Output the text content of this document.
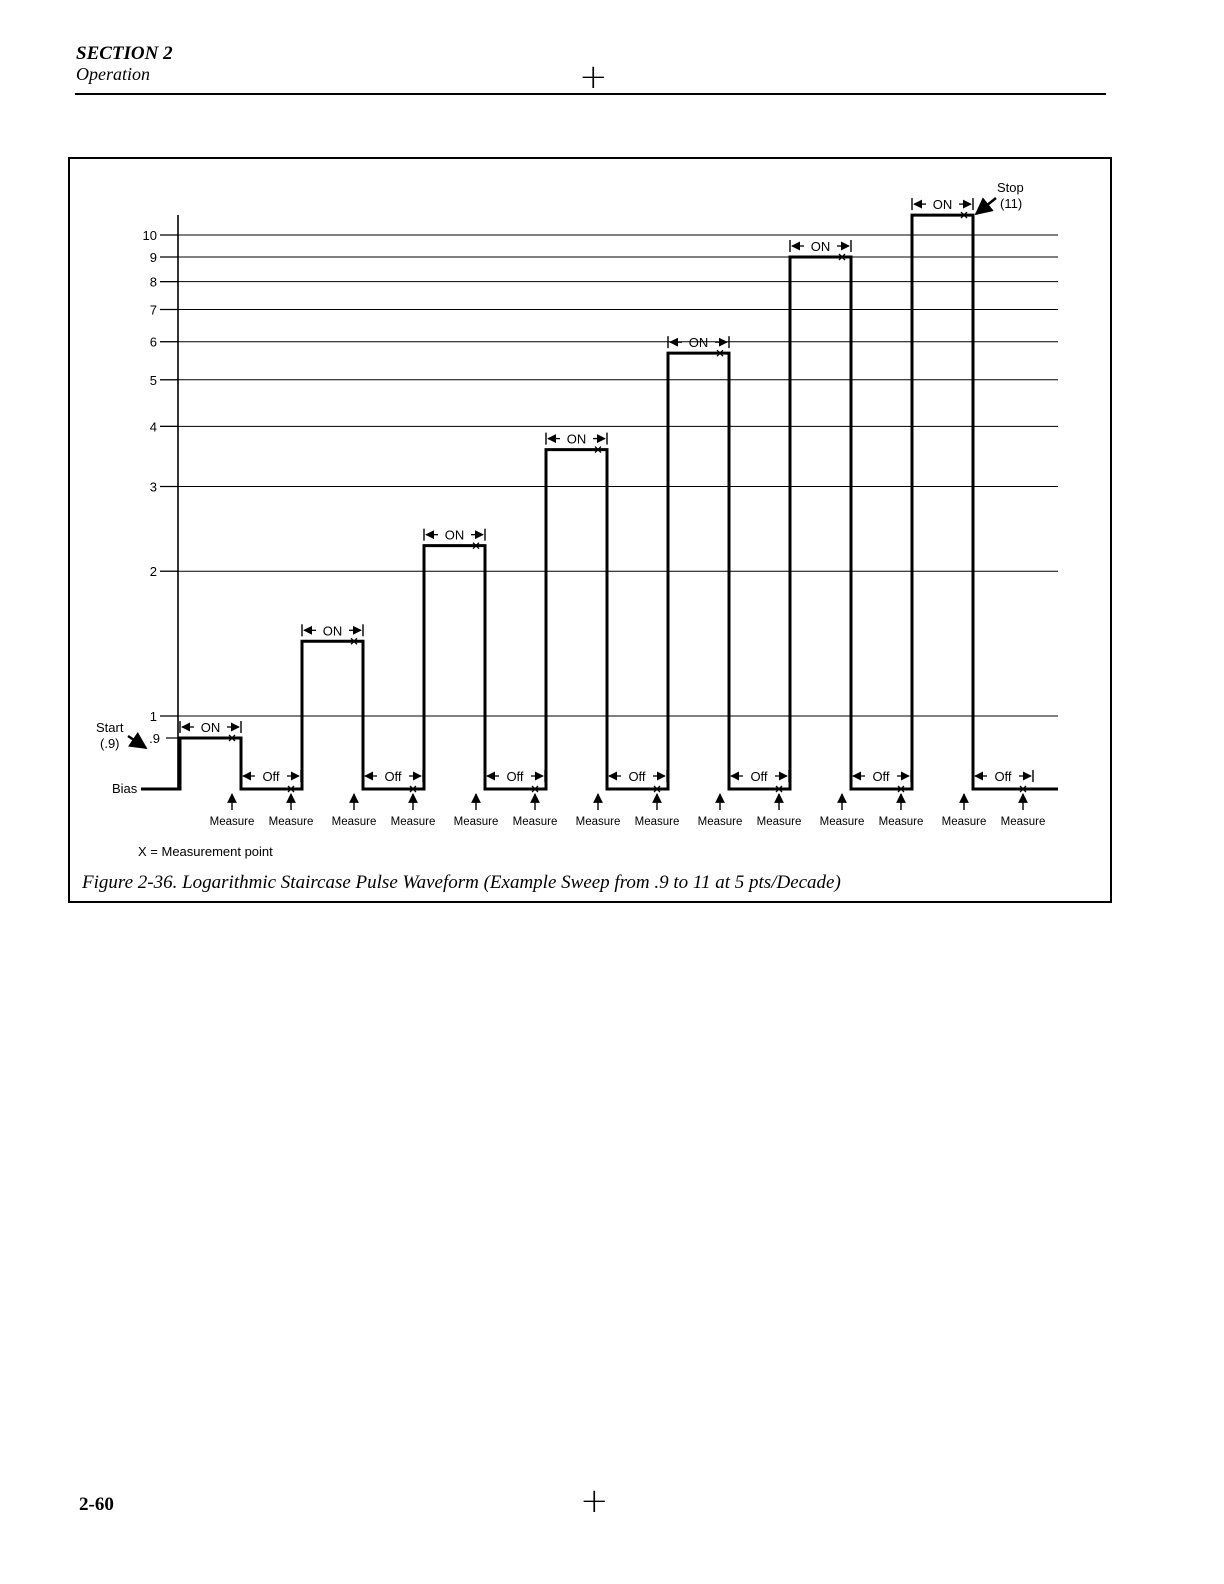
SECTION 2
Operation	+
1
2
3
4
5
6
7
8
9
10
.9
ON
Off
Measure Measure
ON
Off
Measure Measure
ON
Off
Measure Measure
ON
Off
Measure Measure
ON
Off
Measure Measure
ON
Off
Measure Measure
ON
Off
Measure Measure
Bias
Start
(.9)
Stop
(11)
X = Measurement point
Figure 2-36. Logarithmic Staircase Pulse Waveform (Example Sweep from .9 to 11 at 5 pts/Decade)
+
2-60
